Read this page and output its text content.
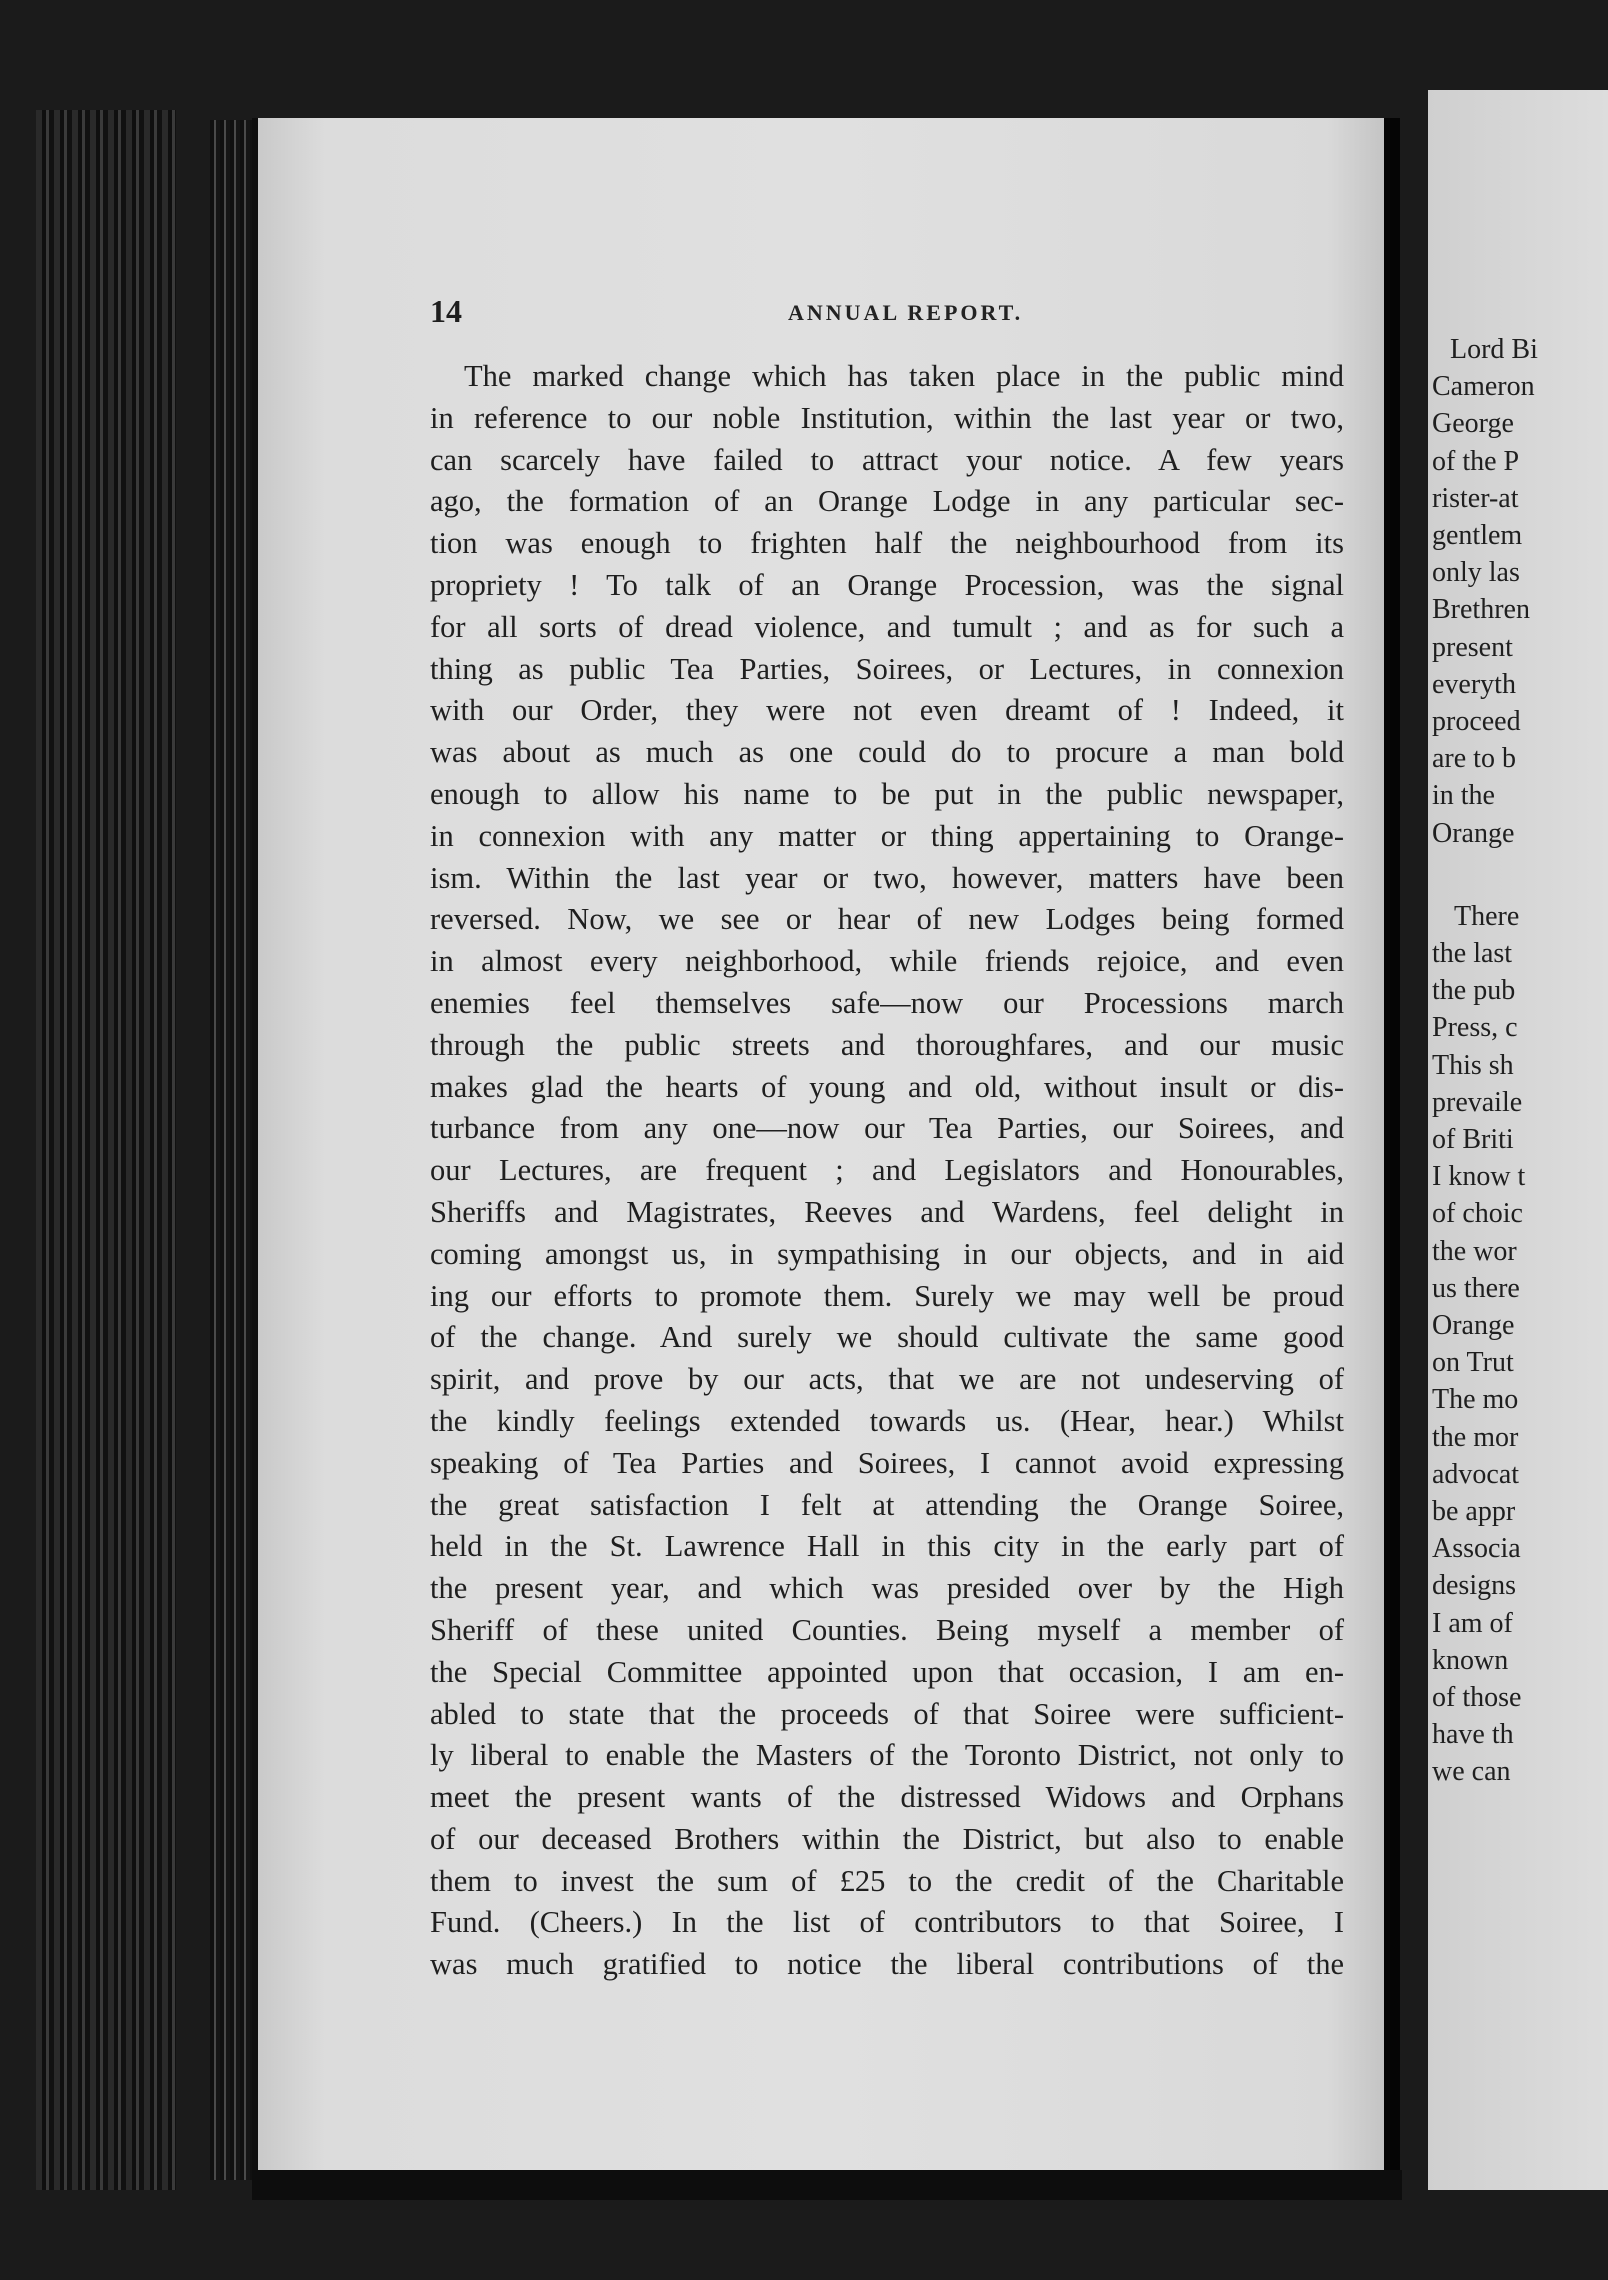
14	ANNUAL REPORT.
The marked change which has taken place in the public mind
in reference to our noble Institution, within the last year or two,
can scarcely have failed to attract your notice. A few years
ago, the formation of an Orange Lodge in any particular sec-
tion was enough to frighten half the neighbourhood from its
propriety ! To talk of an Orange Procession, was the signal
for all sorts of dread violence, and tumult ; and as for such a
thing as public Tea Parties, Soirees, or Lectures, in connexion
with our Order, they were not even dreamt of ! Indeed, it
was about as much as one could do to procure a man bold
enough to allow his name to be put in the public newspaper,
in connexion with any matter or thing appertaining to Orange-
ism. Within the last year or two, however, matters have been
reversed. Now, we see or hear of new Lodges being formed
in almost every neighborhood, while friends rejoice, and even
enemies feel themselves safe—now our Processions march
through the public streets and thoroughfares, and our music
makes glad the hearts of young and old, without insult or dis-
turbance from any one—now our Tea Parties, our Soirees, and
our Lectures, are frequent ; and Legislators and Honourables,
Sheriffs and Magistrates, Reeves and Wardens, feel delight in
coming amongst us, in sympathising in our objects, and in aid
ing our efforts to promote them. Surely we may well be proud
of the change. And surely we should cultivate the same good
spirit, and prove by our acts, that we are not undeserving of
the kindly feelings extended towards us. (Hear, hear.) Whilst
speaking of Tea Parties and Soirees, I cannot avoid expressing
the great satisfaction I felt at attending the Orange Soiree,
held in the St. Lawrence Hall in this city in the early part of
the present year, and which was presided over by the High
Sheriff of these united Counties. Being myself a member of
the Special Committee appointed upon that occasion, I am en-
abled to state that the proceeds of that Soiree were sufficient-
ly liberal to enable the Masters of the Toronto District, not only to
meet the present wants of the distressed Widows and Orphans
of our deceased Brothers within the District, but also to enable
them to invest the sum of £25 to the credit of the Charitable
Fund. (Cheers.) In the list of contributors to that Soiree, I
was much gratified to notice the liberal contributions of the
Lord Bi
Cameron
George
of the P
rister-at
gentlem
only las
Brethren
present
everyth
proceed
are to b
in the
Orange
There
the last
the pub
Press, c
This sh
prevaile
of Briti
I know t
of choic
the wor
us there
Orange
on Trut
The mo
the mor
advocat
be appr
Associa
designs
I am of
known
of those
have th
we can
